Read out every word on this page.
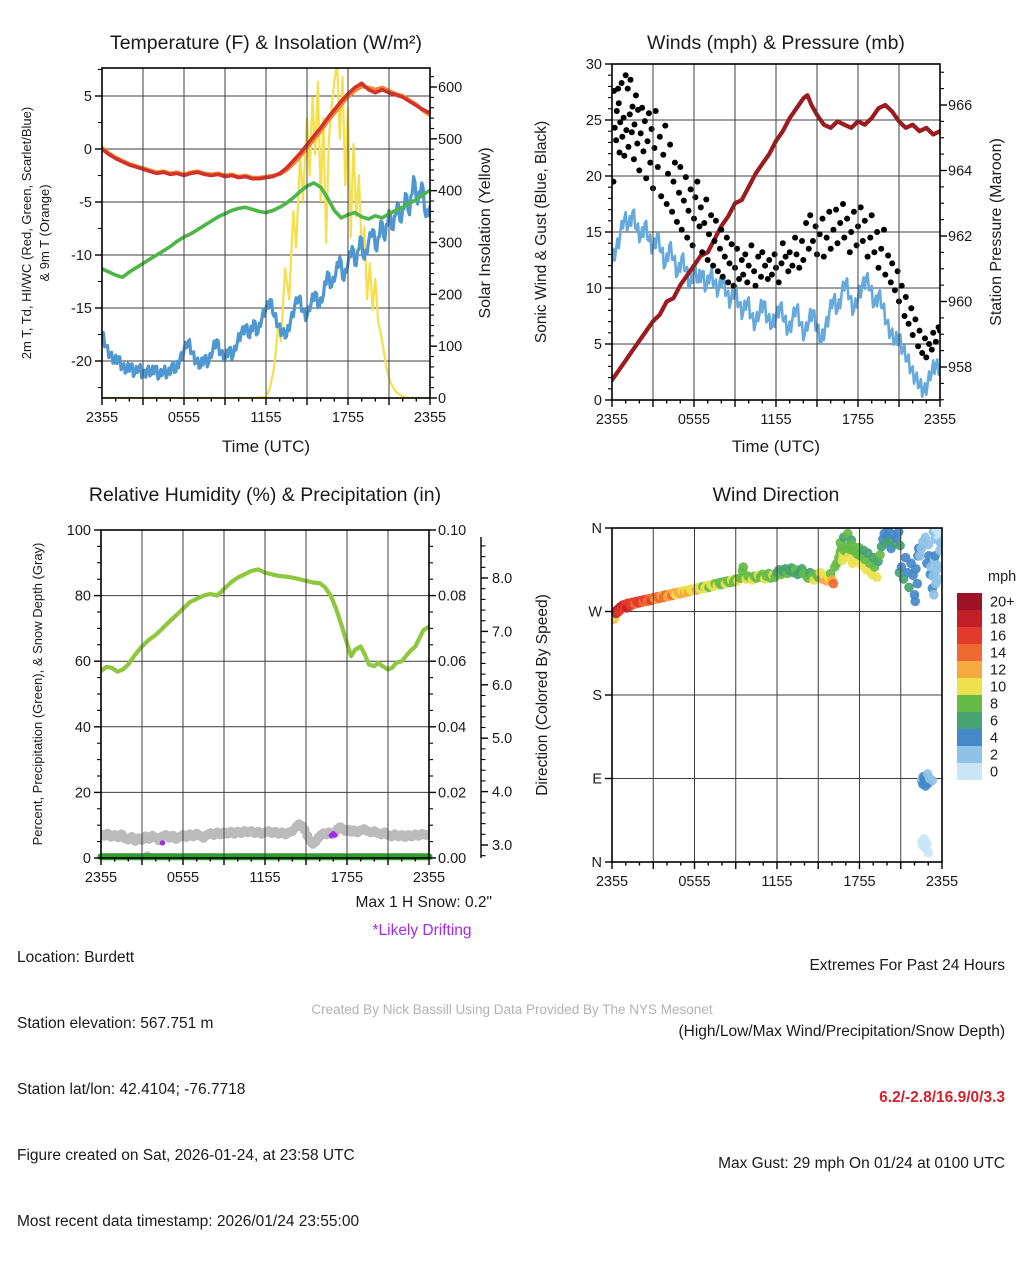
Temperature (F) & Insolation (W/m²)	Winds (mph) & Pressure (mb)
Relative Humidity (%) & Precipitation (in)	Wind Direction
2m T, Td, HI/WC (Red, Green, Scarlet/Blue) & 9m T (Orange)	Solar Insolation (Yellow)	Sonic Wind & Gust (Blue, Black)	Station Pressure (Maroon)
Percent, Precipitation (Green), & Snow Depth (Gray)	Direction (Colored By Speed)
Time (UTC)	Time (UTC)
2355	0555	1155	1755	2355
5
0
-5
-10
-15
-20
0
100
200
300
400
500
600
2355	0555	1155	1755	2355
0
5
10
15
20
25
30
958
960
962
964
966
2355	0555	1155	1755	2355
0
20
40
60
80
100
0.00
0.02
0.04
0.06
0.08
0.10
3.0
4.0
5.0
6.0
7.0
8.0
2355	0555	1155	1755	2355
N
W
S
E
N
mph
20+
18
16
14
12
10
8
6
4
2
0

Location: Burdett

Station elevation: 567.751 m

Station lat/lon: 42.4104; -76.7718

Figure created on Sat, 2026-01-24, at 23:58 UTC

Most recent data timestamp: 2026/01/24 23:55:00

Max 1 H Snow: 0.2"
*Likely Drifting

Extremes For Past 24 Hours

(High/Low/Max Wind/Precipitation/Snow Depth)

6.2/-2.8/16.9/0/3.3

Max Gust: 29 mph On 01/24 at 0100 UTC

Created By Nick Bassill Using Data Provided By The NYS Mesonet
